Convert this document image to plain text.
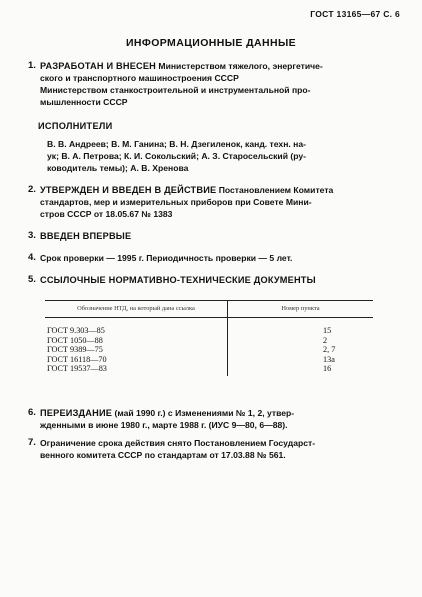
ГОСТ 13165—67 С. 6
ИНФОРМАЦИОННЫЕ ДАННЫЕ
1. РАЗРАБОТАН И ВНЕСЕН Министерством тяжелого, энергетиче-
ского и транспортного машиностроения СССР
Министерством станкостроительной и инструментальной про-
мышленности СССР
ИСПОЛНИТЕЛИ
В. В. Андреев; В. М. Ганина; В. Н. Дзегиленок, канд. техн. на-
ук; В. А. Петрова; К. И. Сокольский; А. З. Старосельский (ру-
ководитель темы); А. В. Хренова
2. УТВЕРЖДЕН И ВВЕДЕН В ДЕЙСТВИЕ Постановлением Комитета
стандартов, мер и измерительных приборов при Совете Мини-
стров СССР от 18.05.67 № 1383
3. ВВЕДЕН ВПЕРВЫЕ
4. Срок проверки — 1995 г. Периодичность проверки — 5 лет.
5. ССЫЛОЧНЫЕ НОРМАТИВНО-ТЕХНИЧЕСКИЕ ДОКУМЕНТЫ
Обозначение НТД, на который дана ссылка	Номер пункта
ГОСТ 9.303—85	15
ГОСТ 1050—88	2
ГОСТ 9389—75	2, 7
ГОСТ 16118—70	13а
ГОСТ 19537—83	16
6. ПЕРЕИЗДАНИЕ (май 1990 г.) с Изменениями № 1, 2, утвер-
жденными в июне 1980 г., марте 1988 г. (ИУС 9—80, 6—88).
7. Ограничение срока действия снято Постановлением Государст-
венного комитета СССР по стандартам от 17.03.88 № 561.
